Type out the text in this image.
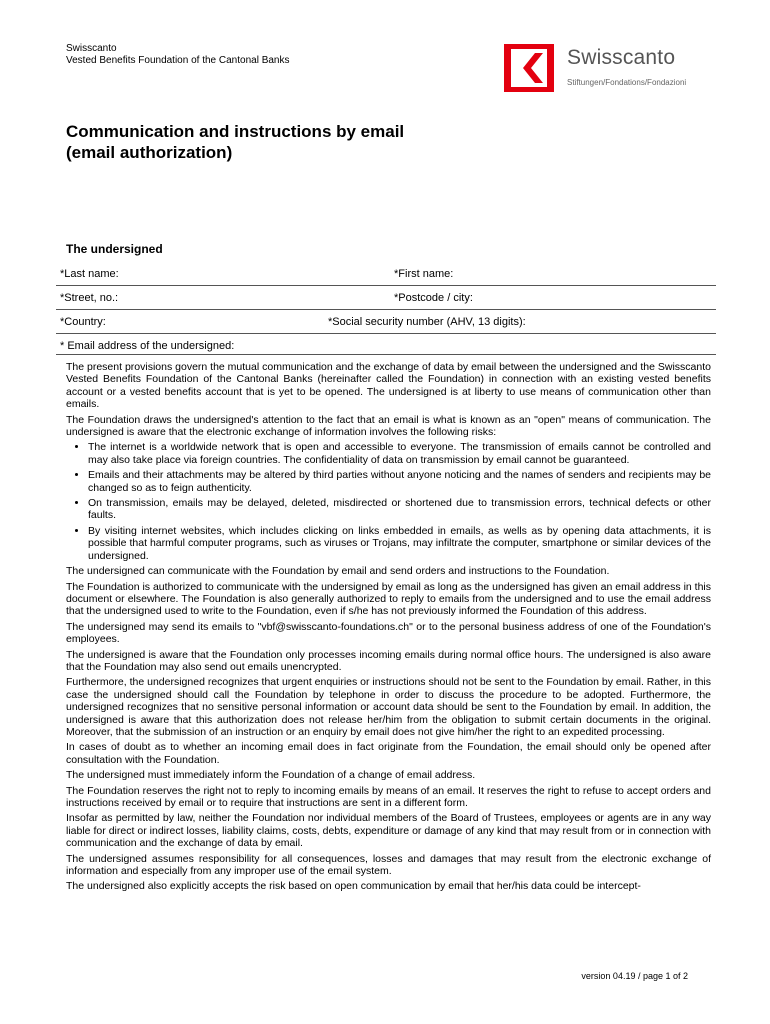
Swisscanto
Vested Benefits Foundation of the Cantonal Banks	Swisscanto
Stiftungen/Fondations/Fondazioni
Communication and instructions by email
(email authorization)
The undersigned
*Last name:	*First name:
*Street, no.:	*Postcode / city:
*Country:	*Social security number (AHV, 13 digits):
* Email address of the undersigned:

The present provisions govern the mutual communication and the exchange of data by email between the undersigned and the Swisscanto Vested Benefits Foundation of the Cantonal Banks (hereinafter called the Foundation) in connection with an existing vested benefits account or a vested benefits account that is yet to be opened. The undersigned is at liberty to use means of communication other than emails.

The Foundation draws the undersigned's attention to the fact that an email is what is known as an "open" means of communication. The undersigned is aware that the electronic exchange of information involves the following risks:

• The internet is a worldwide network that is open and accessible to everyone. The transmission of emails cannot be controlled and may also take place via foreign countries. The confidentiality of data on transmission by email cannot be guaranteed.
• Emails and their attachments may be altered by third parties without anyone noticing and the names of senders and recipients may be changed so as to feign authenticity.
• On transmission, emails may be delayed, deleted, misdirected or shortened due to transmission errors, technical defects or other faults.
• By visiting internet websites, which includes clicking on links embedded in emails, as wells as by opening data attachments, it is possible that harmful computer programs, such as viruses or Trojans, may infiltrate the computer, smartphone or similar devices of the undersigned.

The undersigned can communicate with the Foundation by email and send orders and instructions to the Foundation.

The Foundation is authorized to communicate with the undersigned by email as long as the undersigned has given an email address in this document or elsewhere. The Foundation is also generally authorized to reply to emails from the undersigned and to use the email address that the undersigned used to write to the Foundation, even if s/he has not previously informed the Foundation of this address.

The undersigned may send its emails to "vbf@swisscanto-foundations.ch" or to the personal business address of one of the Foundation's employees.

The undersigned is aware that the Foundation only processes incoming emails during normal office hours. The undersigned is also aware that the Foundation may also send out emails unencrypted.

Furthermore, the undersigned recognizes that urgent enquiries or instructions should not be sent to the Foundation by email. Rather, in this case the undersigned should call the Foundation by telephone in order to discuss the procedure to be adopted. Furthermore, the undersigned recognizes that no sensitive personal information or account data should be sent to the Foundation by email. In addition, the undersigned is aware that this authorization does not release her/him from the obligation to submit certain documents in the original. Moreover, that the submission of an instruction or an enquiry by email does not give him/her the right to an expedited processing.

In cases of doubt as to whether an incoming email does in fact originate from the Foundation, the email should only be opened after consultation with the Foundation.

The undersigned must immediately inform the Foundation of a change of email address.

The Foundation reserves the right not to reply to incoming emails by means of an email. It reserves the right to refuse to accept orders and instructions received by email or to require that instructions are sent in a different form.

Insofar as permitted by law, neither the Foundation nor individual members of the Board of Trustees, employees or agents are in any way liable for direct or indirect losses, liability claims, costs, debts, expenditure or damage of any kind that may result from or in connection with communication and the exchange of data by email.

The undersigned assumes responsibility for all consequences, losses and damages that may result from the electronic exchange of information and especially from any improper use of the email system.

The undersigned also explicitly accepts the risk based on open communication by email that her/his data could be intercept-

version 04.19 / page 1 of 2
